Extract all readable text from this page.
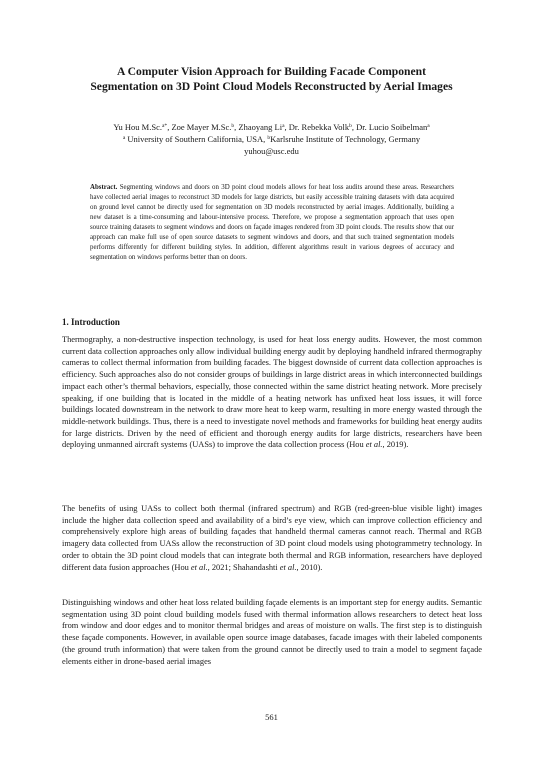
A Computer Vision Approach for Building Facade Component
Segmentation on 3D Point Cloud Models Reconstructed by Aerial Images
Yu Hou M.Sc.$^{a*}$, Zoe Mayer M.Sc.$^b$, Zhaoyang Li$^a$, Dr. Rebekka Volk$^b$, Dr. Lucio Soibelman$^a$
$^a$ University of Southern California, USA, $^b$Karlsruhe Institute of Technology, Germany
yuhou@usc.edu

Abstract. Segmenting windows and doors on 3D point cloud models allows for heat loss audits around these areas. Researchers have collected aerial images to reconstruct 3D models for large districts, but easily accessible training datasets with data acquired on ground level cannot be directly used for segmentation on 3D models reconstructed by aerial images. Additionally, building a new dataset is a time-consuming and labour-intensive process. Therefore, we propose a segmentation approach that uses open source training datasets to segment windows and doors on façade images rendered from 3D point clouds. The results show that our approach can make full use of open source datasets to segment windows and doors, and that such trained segmentation models performs differently for different building styles. In addition, different algorithms result in various degrees of accuracy and segmentation on windows performs better than on doors.

1. Introduction

Thermography, a non-destructive inspection technology, is used for heat loss energy audits. However, the most common current data collection approaches only allow individual building energy audit by deploying handheld infrared thermography cameras to collect thermal information from building facades. The biggest downside of current data collection approaches is efficiency. Such approaches also do not consider groups of buildings in large district areas in which interconnected buildings impact each other’s thermal behaviors, especially, those connected within the same district heating network. More precisely speaking, if one building that is located in the middle of a heating network has unfixed heat loss issues, it will force buildings located downstream in the network to draw more heat to keep warm, resulting in more energy wasted through the middle-network buildings. Thus, there is a need to investigate novel methods and frameworks for building heat energy audits for large districts. Driven by the need of efficient and thorough energy audits for large districts, researchers have been deploying unmanned aircraft systems (UASs) to improve the data collection process (Hou et al., 2019).

The benefits of using UASs to collect both thermal (infrared spectrum) and RGB (red-green-blue visible light) images include the higher data collection speed and availability of a bird’s eye view, which can improve collection efficiency and comprehensively explore high areas of building façades that handheld thermal cameras cannot reach. Thermal and RGB imagery data collected from UASs allow the reconstruction of 3D point cloud models using photogrammetry technology. In order to obtain the 3D point cloud models that can integrate both thermal and RGB information, researchers have deployed different data fusion approaches (Hou et al., 2021; Shahandashti et al., 2010).

Distinguishing windows and other heat loss related building façade elements is an important step for energy audits. Semantic segmentation using 3D point cloud building models fused with thermal information allows researchers to detect heat loss from window and door edges and to monitor thermal bridges and areas of moisture on walls. The first step is to distinguish these façade components. However, in available open source image databases, facade images with their labeled components (the ground truth information) that were taken from the ground cannot be directly used to train a model to segment façade elements either in drone-based aerial images

561
